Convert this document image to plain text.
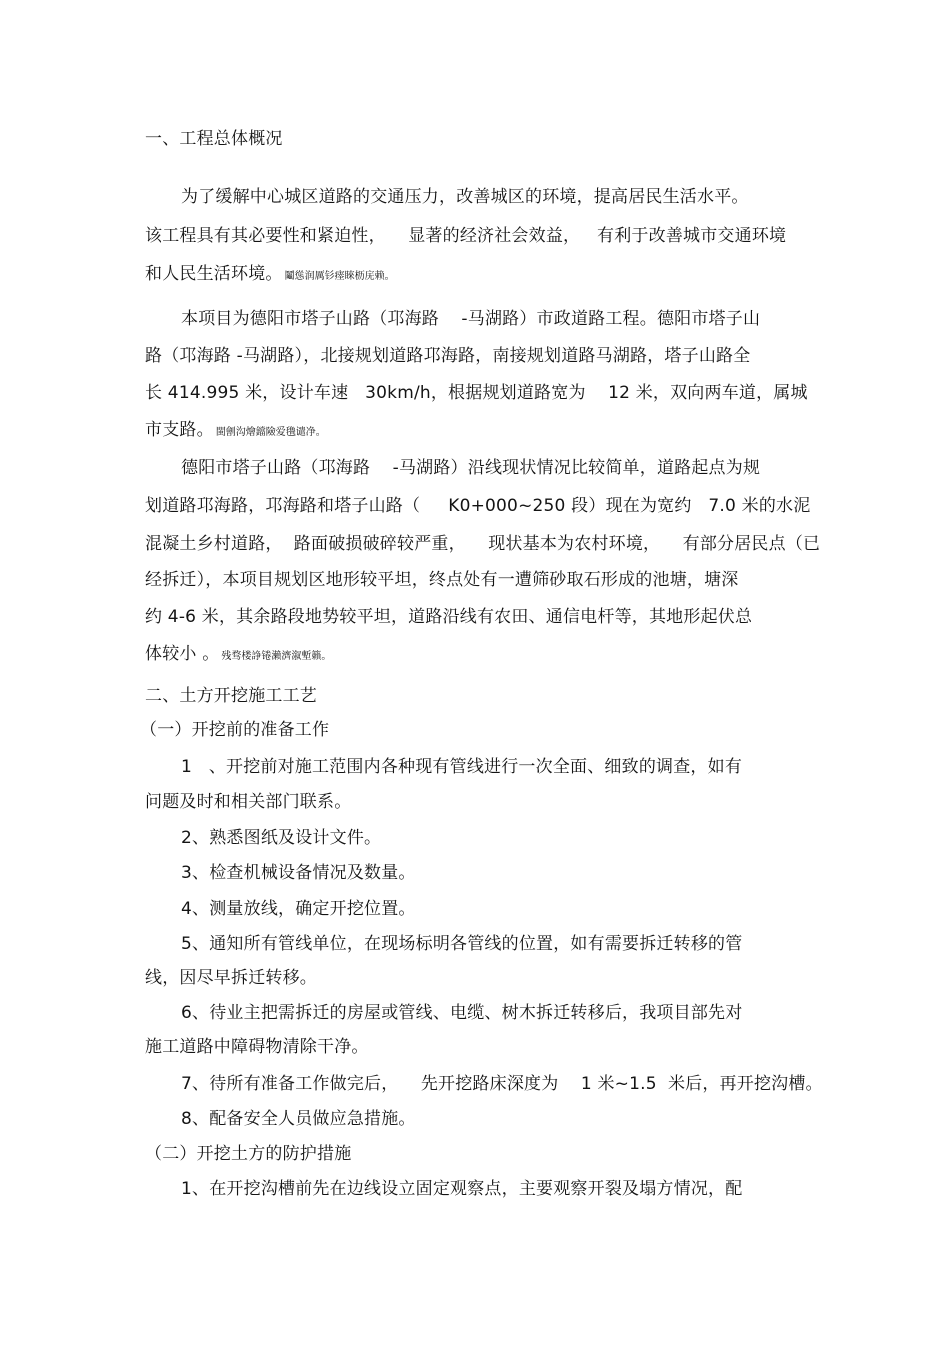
一、工程总体概况
为了缓解中心城区道路的交通压力，改善城区的环境，提高居民生活水平。
该工程具有其必要性和紧迫性，    显著的经济社会效益，   有利于改善城市交通环境
和人民生活环境。 鬮慫润厲钐瘗睞枥庑赖。
本项目为德阳市塔子山路（邛海路    -马湖路）市政道路工程。德阳市塔子山
路（邛海路 -马湖路），北接规划道路邛海路，南接规划道路马湖路，塔子山路全
长 414.995 米，设计车速   30km/h，根据规划道路宽为    12 米，双向两车道，属城
市支路。 閩劊沟燴鐺險爱氇谴净。
德阳市塔子山路（邛海路    -马湖路）沿线现状情况比较简单，道路起点为规
划道路邛海路，邛海路和塔子山路（     K0+000~250 段）现在为宽约   7.0 米的水泥
混凝土乡村道路，  路面破损破碎较严重，    现状基本为农村环境，    有部分居民点（已
经拆迁），本项目规划区地形较平坦，终点处有一遭筛砂取石形成的池塘，塘深
约 4-6 米，其余路段地势较平坦，道路沿线有农田、通信电杆等，其地形起伏总
体较小 。 残骛楼諍锩瀨濟溆塹籟。
二、土方开挖施工工艺
（一）开挖前的准备工作
1   、开挖前对施工范围内各种现有管线进行一次全面、细致的调查，如有
问题及时和相关部门联系。
2、熟悉图纸及设计文件。
3、检查机械设备情况及数量。
4、测量放线，确定开挖位置。
5、通知所有管线单位，在现场标明各管线的位置，如有需要拆迁转移的管
线，因尽早拆迁转移。
6、待业主把需拆迁的房屋或管线、电缆、树木拆迁转移后，我项目部先对
施工道路中障碍物清除干净。
7、待所有准备工作做完后，    先开挖路床深度为    1 米~1.5  米后，再开挖沟槽。
8、配备安全人员做应急措施。
（二）开挖土方的防护措施
1、在开挖沟槽前先在边线设立固定观察点，主要观察开裂及塌方情况，配
